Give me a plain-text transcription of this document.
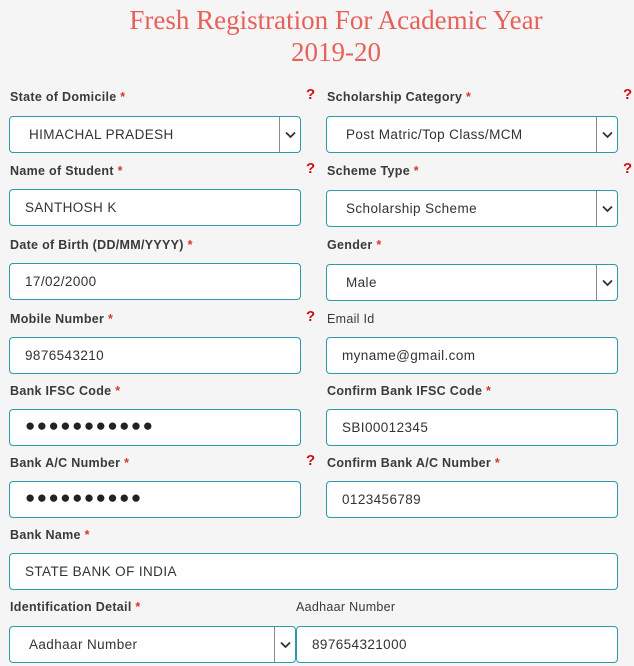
Fresh Registration For Academic Year
2019-20
State of Domicile *	?
HIMACHAL PRADESH
Scholarship Category *	?
Post Matric/Top Class/MCM
Name of Student *	?
SANTHOSH K
Scheme Type *	?
Scholarship Scheme
Date of Birth (DD/MM/YYYY) *
17/02/2000
Gender *
Male
Mobile Number *	?
9876543210
Email Id
myname@gmail.com
Bank IFSC Code *
●●●●●●●●●●●
Confirm Bank IFSC Code *
SBI00012345
Bank A/C Number *	?
●●●●●●●●●●
Confirm Bank A/C Number *
0123456789
Bank Name *
STATE BANK OF INDIA
Identification Detail *
Aadhaar Number
Aadhaar Number
897654321000
